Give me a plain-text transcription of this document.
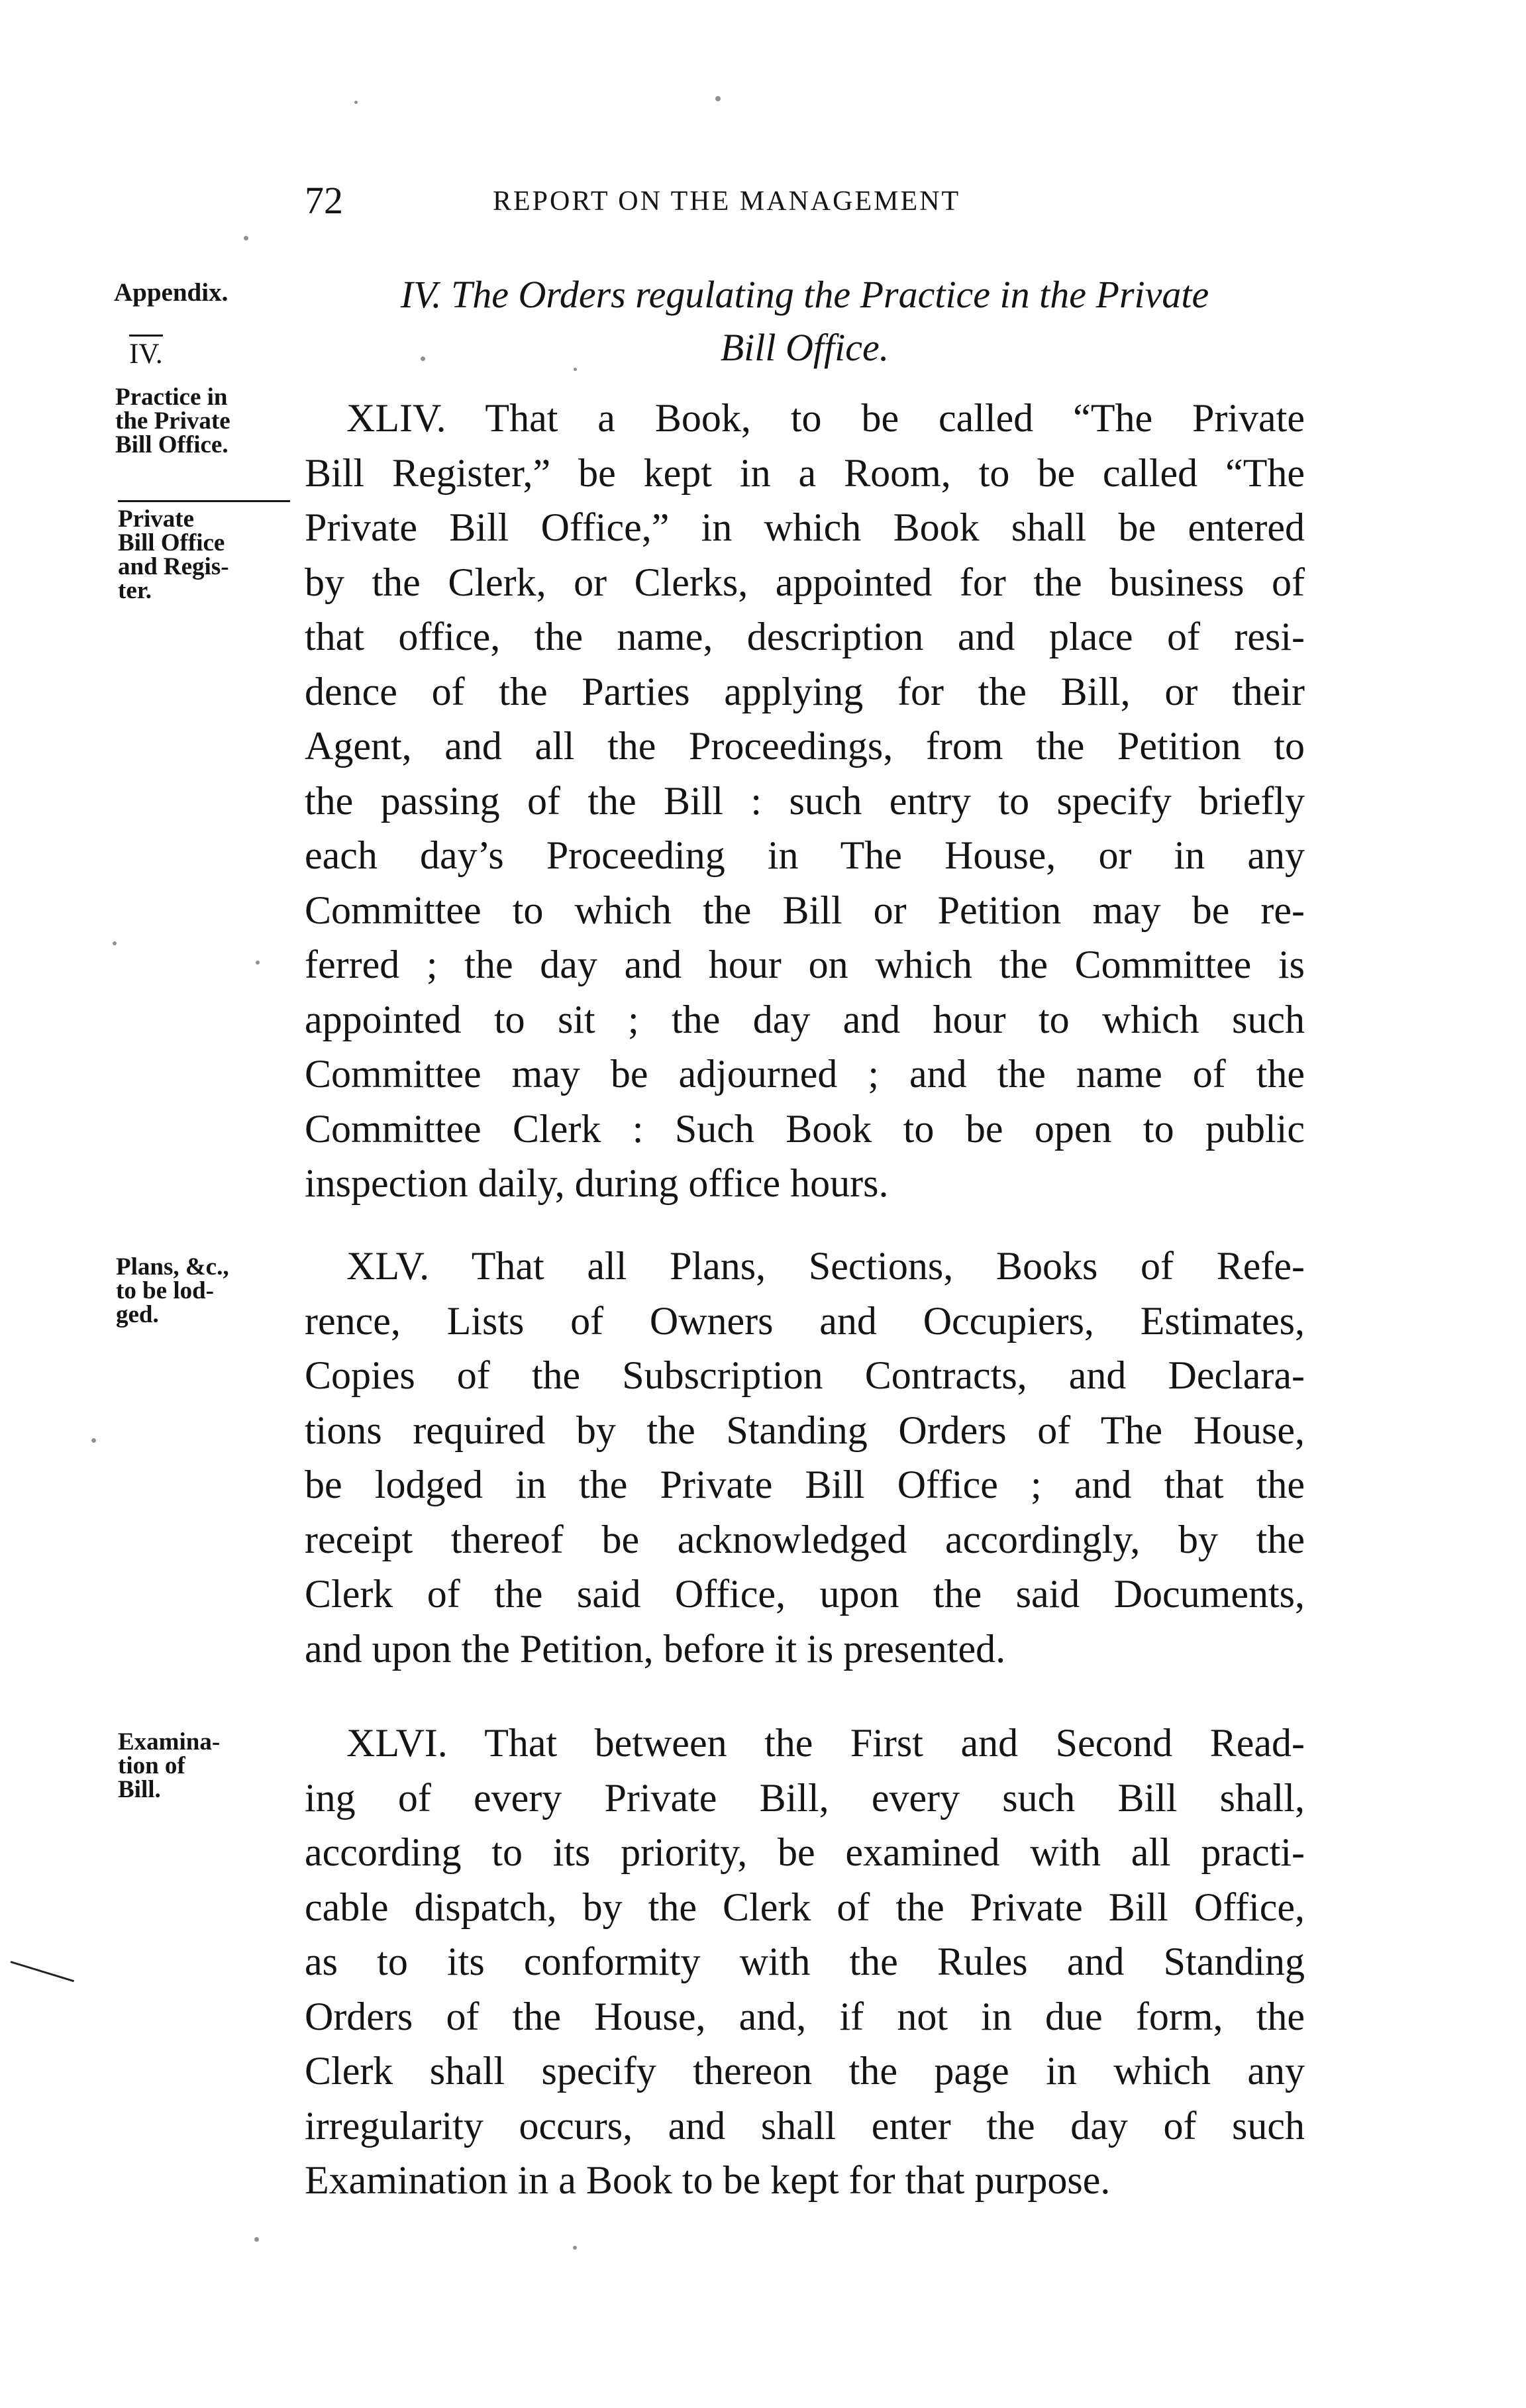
72	REPORT ON THE MANAGEMENT
Appendix.
IV.
IV. The Orders regulating the Practice in the Private
Bill Office.
Practice in
the Private
Bill Office.
Private
Bill Office
and Regis-
ter.
XLIV. That a Book, to be called “The Private
Bill Register,” be kept in a Room, to be called “The
Private Bill Office,” in which Book shall be entered
by the Clerk, or Clerks, appointed for the business of
that office, the name, description and place of resi-
dence of the Parties applying for the Bill, or their
Agent, and all the Proceedings, from the Petition to
the passing of the Bill : such entry to specify briefly
each day’s Proceeding in The House, or in any
Committee to which the Bill or Petition may be re-
ferred ; the day and hour on which the Committee is
appointed to sit ; the day and hour to which such
Committee may be adjourned ; and the name of the
Committee Clerk : Such Book to be open to public
inspection daily, during office hours.
Plans, &c.,
to be lod-
ged.
XLV. That all Plans, Sections, Books of Refe-
rence, Lists of Owners and Occupiers, Estimates,
Copies of the Subscription Contracts, and Declara-
tions required by the Standing Orders of The House,
be lodged in the Private Bill Office ; and that the
receipt thereof be acknowledged accordingly, by the
Clerk of the said Office, upon the said Documents,
and upon the Petition, before it is presented.
Examina-
tion of
Bill.
XLVI. That between the First and Second Read-
ing of every Private Bill, every such Bill shall,
according to its priority, be examined with all practi-
cable dispatch, by the Clerk of the Private Bill Office,
as to its conformity with the Rules and Standing
Orders of the House, and, if not in due form, the
Clerk shall specify thereon the page in which any
irregularity occurs, and shall enter the day of such
Examination in a Book to be kept for that purpose.
